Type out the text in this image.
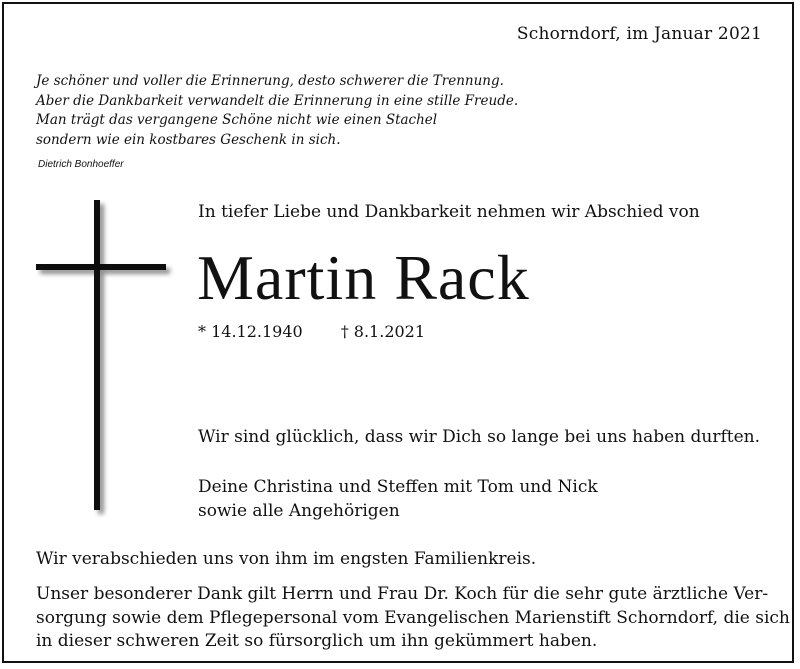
Schorndorf, im Januar 2021
Je schöner und voller die Erinnerung, desto schwerer die Trennung.
Aber die Dankbarkeit verwandelt die Erinnerung in eine stille Freude.
Man trägt das vergangene Schöne nicht wie einen Stachel
sondern wie ein kostbares Geschenk in sich.
Dietrich Bonhoeffer
In tiefer Liebe und Dankbarkeit nehmen wir Abschied von
Martin Rack
* 14.12.1940 † 8.1.2021
Wir sind glücklich, dass wir Dich so lange bei uns haben durften.
Deine Christina und Steffen mit Tom und Nick
sowie alle Angehörigen
Wir verabschieden uns von ihm im engsten Familienkreis.
Unser besonderer Dank gilt Herrn und Frau Dr. Koch für die sehr gute ärztliche Ver-
sorgung sowie dem Pflegepersonal vom Evangelischen Marienstift Schorndorf, die sich
in dieser schweren Zeit so fürsorglich um ihn gekümmert haben.
